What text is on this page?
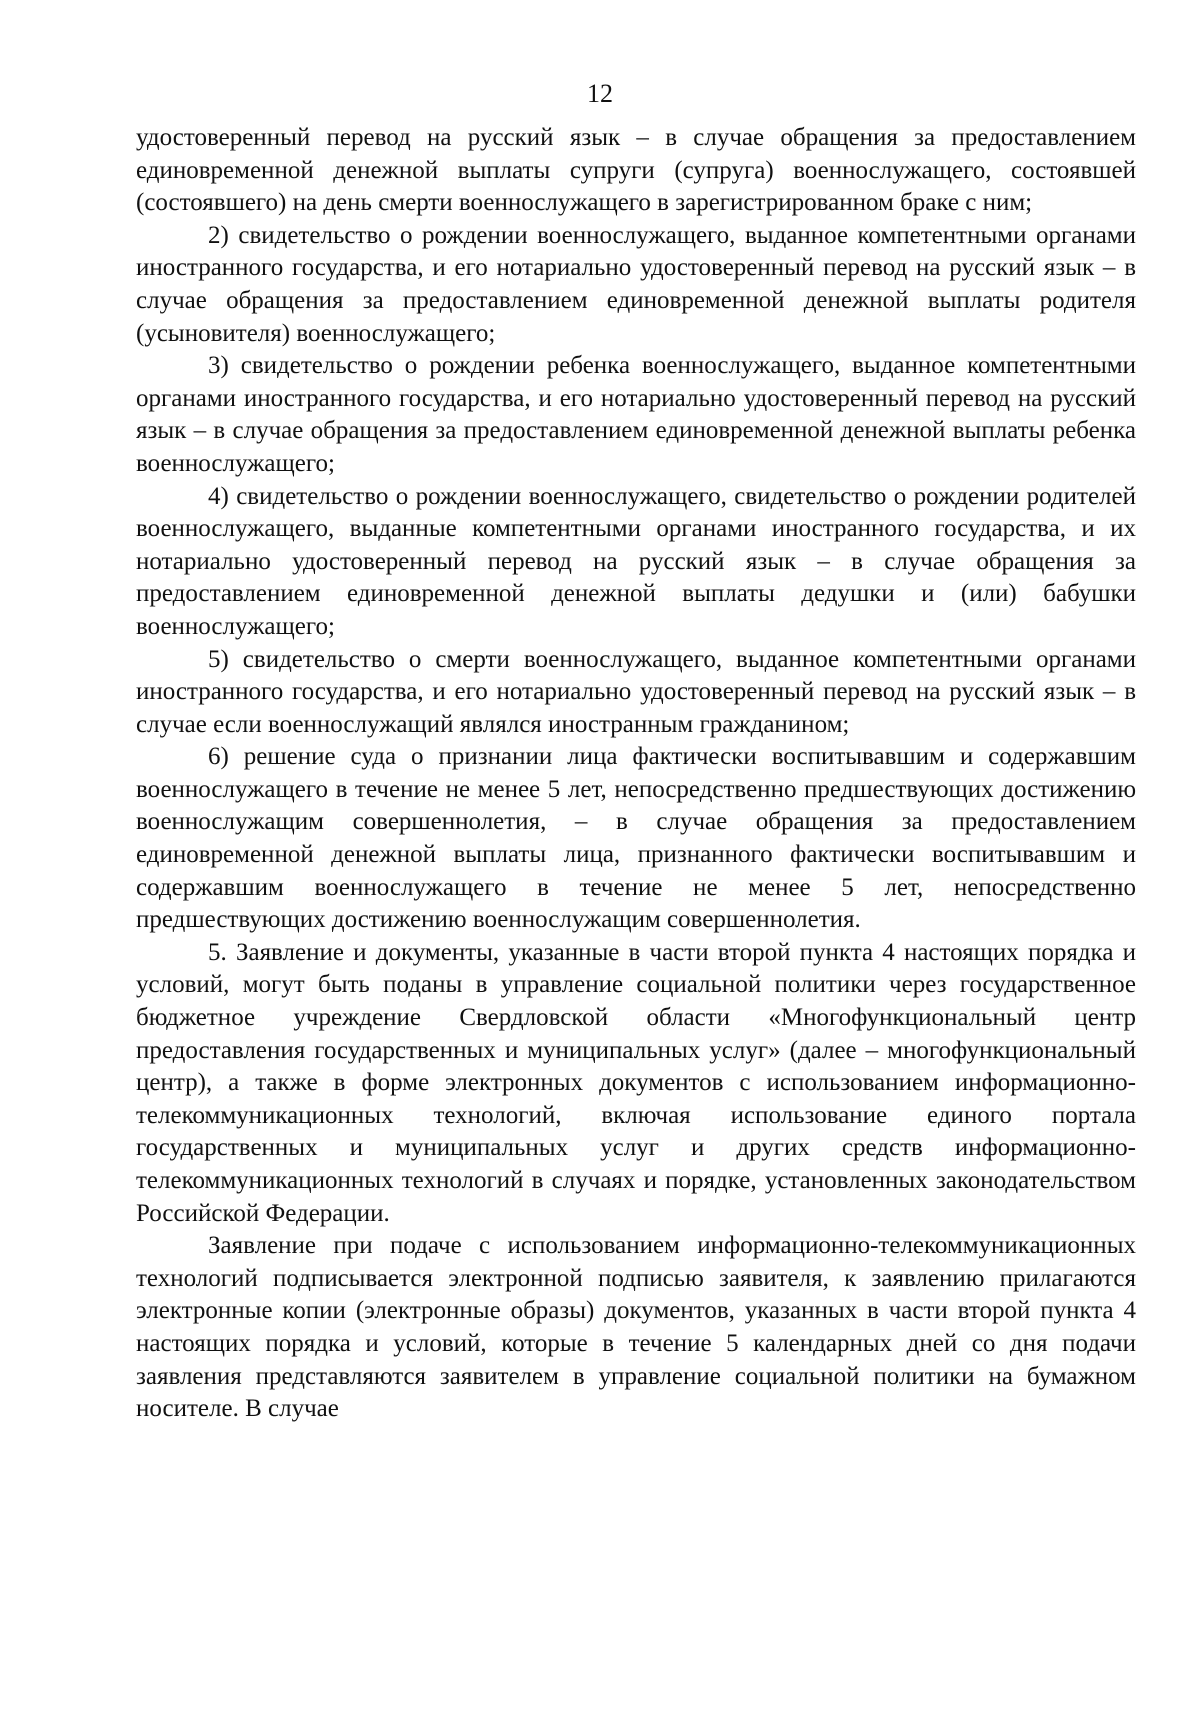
12

удостоверенный перевод на русский язык – в случае обращения за предоставлением единовременной денежной выплаты супруги (супруга) военнослужащего, состоявшей (состоявшего) на день смерти военнослужащего в зарегистрированном браке с ним;

2) свидетельство о рождении военнослужащего, выданное компетентными органами иностранного государства, и его нотариально удостоверенный перевод на русский язык – в случае обращения за предоставлением единовременной денежной выплаты родителя (усыновителя) военнослужащего;

3) свидетельство о рождении ребенка военнослужащего, выданное компетентными органами иностранного государства, и его нотариально удостоверенный перевод на русский язык – в случае обращения за предоставлением единовременной денежной выплаты ребенка военнослужащего;

4) свидетельство о рождении военнослужащего, свидетельство о рождении родителей военнослужащего, выданные компетентными органами иностранного государства, и их нотариально удостоверенный перевод на русский язык – в случае обращения за предоставлением единовременной денежной выплаты дедушки и (или) бабушки военнослужащего;

5) свидетельство о смерти военнослужащего, выданное компетентными органами иностранного государства, и его нотариально удостоверенный перевод на русский язык – в случае если военнослужащий являлся иностранным гражданином;

6) решение суда о признании лица фактически воспитывавшим и содержавшим военнослужащего в течение не менее 5 лет, непосредственно предшествующих достижению военнослужащим совершеннолетия, – в случае обращения за предоставлением единовременной денежной выплаты лица, признанного фактически воспитывавшим и содержавшим военнослужащего в течение не менее 5 лет, непосредственно предшествующих достижению военнослужащим совершеннолетия.

5. Заявление и документы, указанные в части второй пункта 4 настоящих порядка и условий, могут быть поданы в управление социальной политики через государственное бюджетное учреждение Свердловской области «Многофункциональный центр предоставления государственных и муниципальных услуг» (далее – многофункциональный центр), а также в форме электронных документов с использованием информационно-телекоммуникационных технологий, включая использование единого портала государственных и муниципальных услуг и других средств информационно-телекоммуникационных технологий в случаях и порядке, установленных законодательством Российской Федерации.

Заявление при подаче с использованием информационно-телекоммуникационных технологий подписывается электронной подписью заявителя, к заявлению прилагаются электронные копии (электронные образы) документов, указанных в части второй пункта 4 настоящих порядка и условий, которые в течение 5 календарных дней со дня подачи заявления представляются заявителем в управление социальной политики на бумажном носителе. В случае
